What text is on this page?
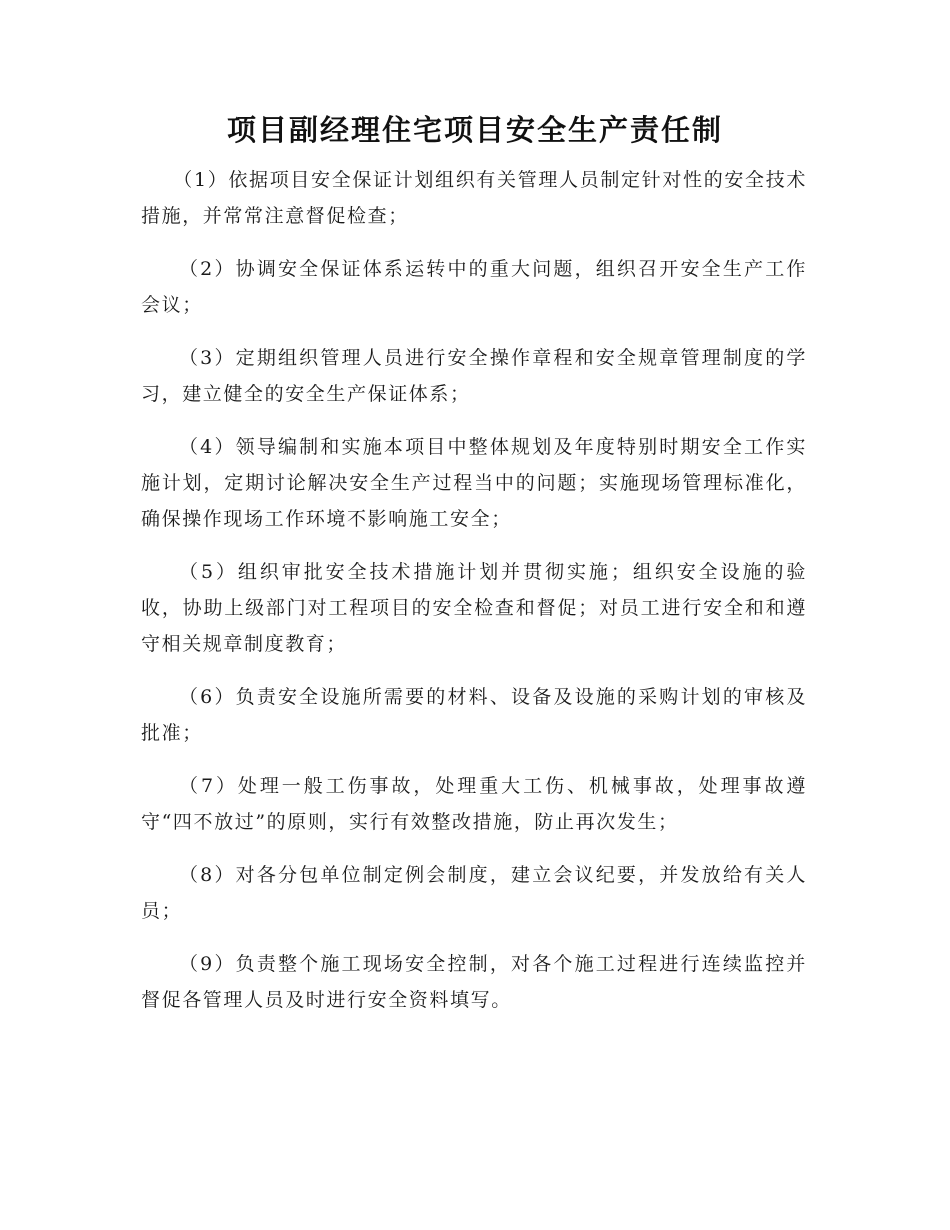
项目副经理住宅项目安全生产责任制

（1）依据项目安全保证计划组织有关管理人员制定针对性的安全技术措施，并常常注意督促检查；

（2）协调安全保证体系运转中的重大问题，组织召开安全生产工作会议；

（3）定期组织管理人员进行安全操作章程和安全规章管理制度的学习，建立健全的安全生产保证体系；

（4）领导编制和实施本项目中整体规划及年度特别时期安全工作实施计划，定期讨论解决安全生产过程当中的问题；实施现场管理标准化，确保操作现场工作环境不影响施工安全；

（5）组织审批安全技术措施计划并贯彻实施；组织安全设施的验收，协助上级部门对工程项目的安全检查和督促；对员工进行安全和和遵守相关规章制度教育；

（6）负责安全设施所需要的材料、设备及设施的采购计划的审核及批准；

（7）处理一般工伤事故，处理重大工伤、机械事故，处理事故遵守“四不放过”的原则，实行有效整改措施，防止再次发生；

（8）对各分包单位制定例会制度，建立会议纪要，并发放给有关人员；

（9）负责整个施工现场安全控制，对各个施工过程进行连续监控并督促各管理人员及时进行安全资料填写。
